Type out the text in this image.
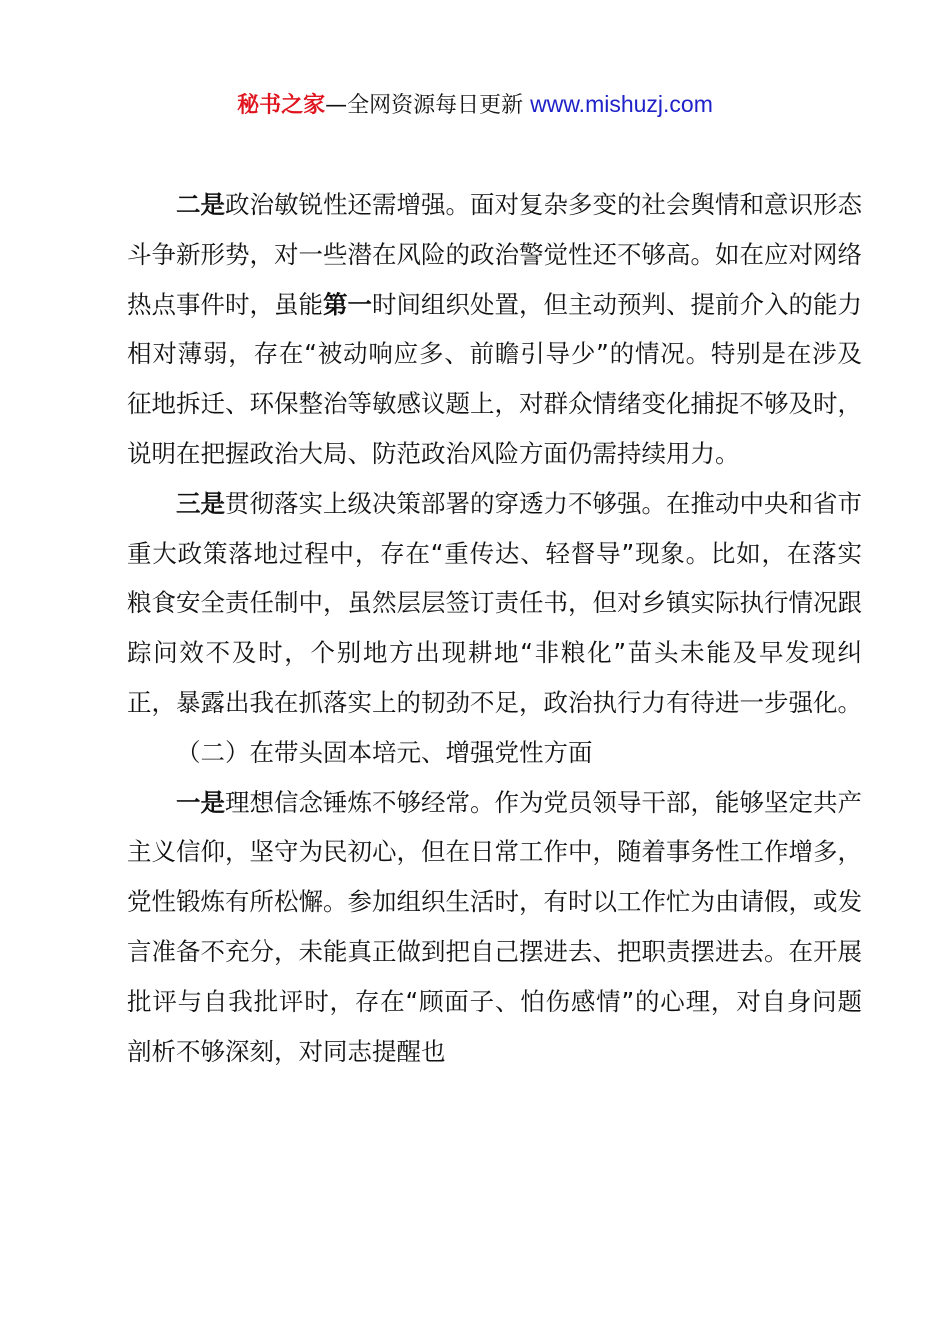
秘书之家—全网资源每日更新 www.mishuzj.com

二是政治敏锐性还需增强。面对复杂多变的社会舆情和意识形态斗争新形势，对一些潜在风险的政治警觉性还不够高。如在应对网络热点事件时，虽能第一时间组织处置，但主动预判、提前介入的能力相对薄弱，存在“被动响应多、前瞻引导少”的情况。特别是在涉及征地拆迁、环保整治等敏感议题上，对群众情绪变化捕捉不够及时，说明在把握政治大局、防范政治风险方面仍需持续用力。

三是贯彻落实上级决策部署的穿透力不够强。在推动中央和省市重大政策落地过程中，存在“重传达、轻督导”现象。比如，在落实粮食安全责任制中，虽然层层签订责任书，但对乡镇实际执行情况跟踪问效不及时，个别地方出现耕地“非粮化”苗头未能及早发现纠正，暴露出我在抓落实上的韧劲不足，政治执行力有待进一步强化。

（二）在带头固本培元、增强党性方面

一是理想信念锤炼不够经常。作为党员领导干部，能够坚定共产主义信仰，坚守为民初心，但在日常工作中，随着事务性工作增多，党性锻炼有所松懈。参加组织生活时，有时以工作忙为由请假，或发言准备不充分，未能真正做到把自己摆进去、把职责摆进去。在开展批评与自我批评时，存在“顾面子、怕伤感情”的心理，对自身问题剖析不够深刻，对同志提醒也
